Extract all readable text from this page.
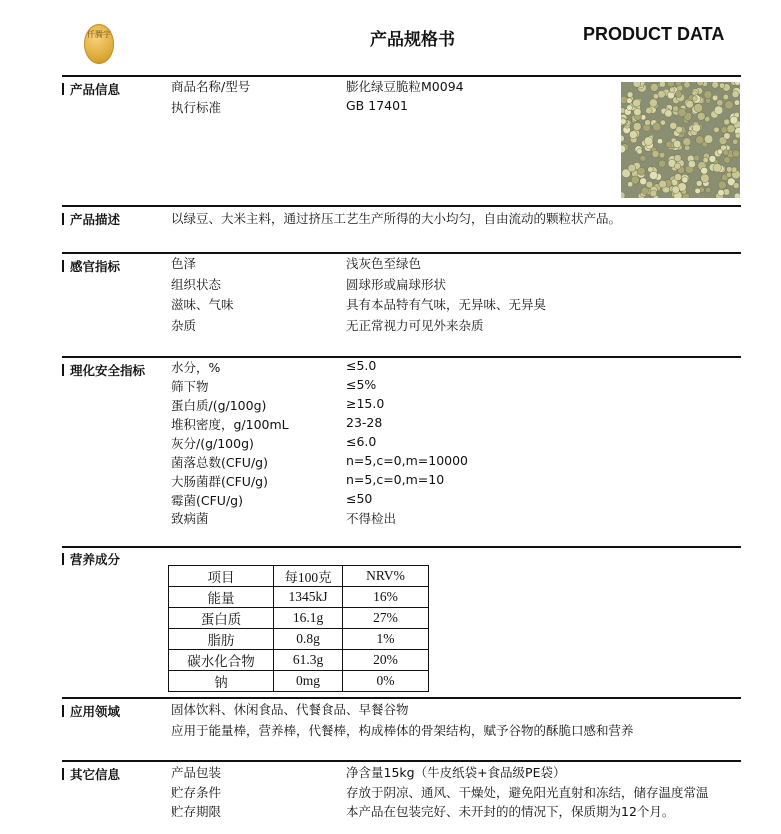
仟腾宇	产品规格书	PRODUCT DATA
产品信息	商品名称/型号	膨化绿豆脆粒M0094
执行标准	GB 17401
产品描述	以绿豆、大米主料，通过挤压工艺生产所得的大小均匀，自由流动的颗粒状产品。
感官指标	色泽	浅灰色至绿色
组织状态	圆球形或扁球形状
滋味、气味	具有本品特有气味，无异味、无异臭
杂质	无正常视力可见外来杂质
理化安全指标 水分，%	≤5.0
筛下物	≤5%
蛋白质/(g/100g)	≥15.0
堆积密度，g/100mL	23-28
灰分/(g/100g)	≤6.0
菌落总数(CFU/g)	n=5,c=0,m=10000
大肠菌群(CFU/g)	n=5,c=0,m=10
霉菌(CFU/g)	≤50
致病菌	不得检出
营养成分
项目	每100克	NRV%
能量	1345kJ	16%
蛋白质	16.1g	27%
脂肪	0.8g	1%
碳水化合物	61.3g	20%
钠	0mg	0%
应用领域	固体饮料、休闲食品、代餐食品、早餐谷物
应用于能量棒，营养棒，代餐棒，构成棒体的骨架结构，赋予谷物的酥脆口感和营养
其它信息	产品包装	净含量15kg（牛皮纸袋+食品级PE袋）
贮存条件	存放于阴凉、通风、干燥处，避免阳光直射和冻结，储存温度常温
贮存期限	本产品在包装完好、未开封的的情况下，保质期为12个月。
